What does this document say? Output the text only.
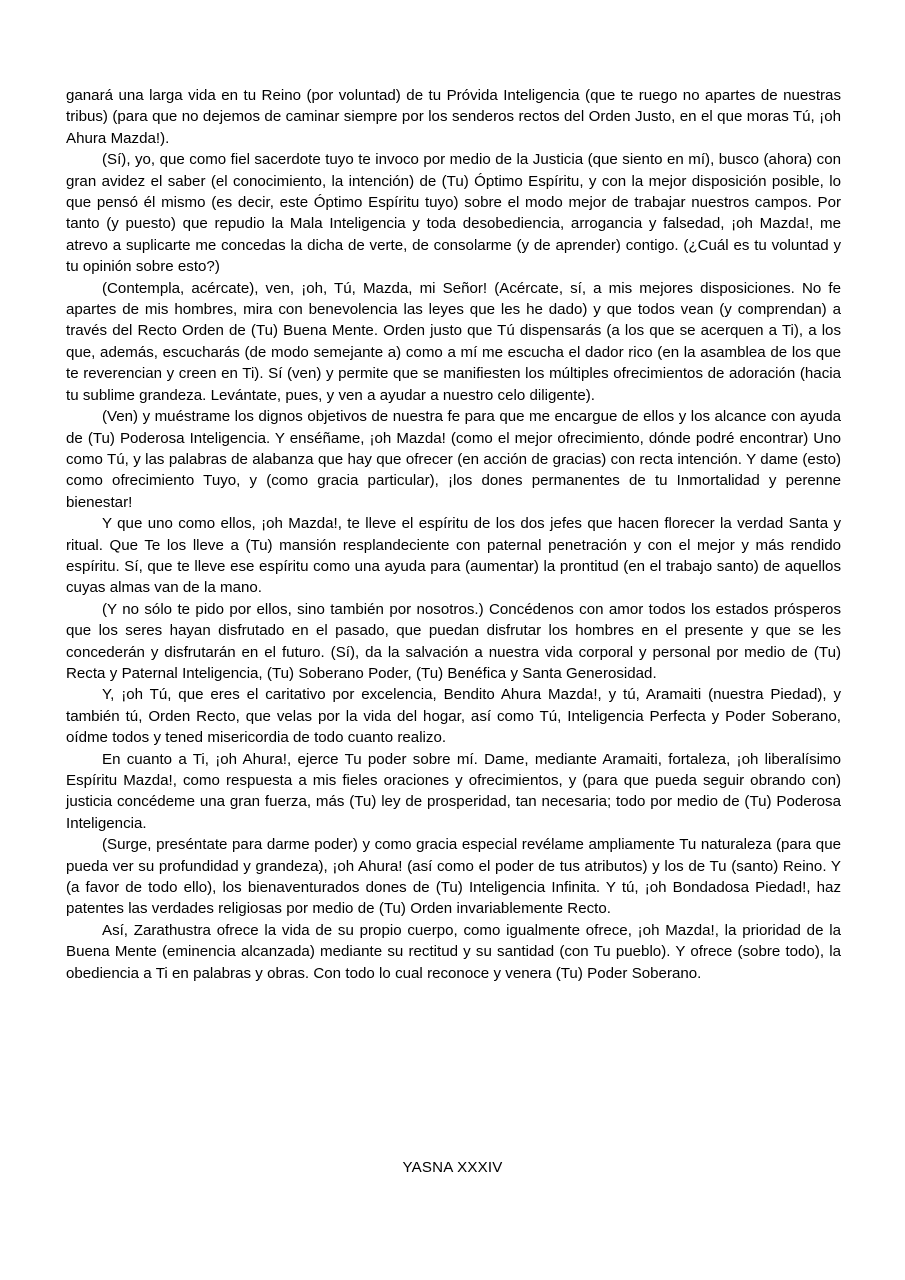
ganará una larga vida en tu Reino (por voluntad) de tu Próvida Inteligencia (que te ruego no apartes de nuestras tribus) (para que no dejemos de caminar siempre por los senderos rectos del Orden Justo, en el que moras Tú, ¡oh Ahura Mazda!).

(Sí), yo, que como fiel sacerdote tuyo te invoco por medio de la Justicia (que siento en mí), busco (ahora) con gran avidez el saber (el conocimiento, la intención) de (Tu) Óptimo Espíritu, y con la mejor disposición posible, lo que pensó él mismo (es decir, este Óptimo Espíritu tuyo) sobre el modo mejor de trabajar nuestros campos. Por tanto (y puesto) que repudio la Mala Inteligencia y toda desobediencia, arrogancia y falsedad, ¡oh Mazda!, me atrevo a suplicarte me concedas la dicha de verte, de consolarme (y de aprender) contigo. (¿Cuál es tu voluntad y tu opinión sobre esto?)

(Contempla, acércate), ven, ¡oh, Tú, Mazda, mi Señor! (Acércate, sí, a mis mejores disposiciones. No fe apartes de mis hombres, mira con benevolencia las leyes que les he dado) y que todos vean (y comprendan) a través del Recto Orden de (Tu) Buena Mente. Orden justo que Tú dispensarás (a los que se acerquen a Ti), a los que, además, escucharás (de modo semejante a) como a mí me escucha el dador rico (en la asamblea de los que te reverencian y creen en Ti). Sí (ven) y permite que se manifiesten los múltiples ofrecimientos de adoración (hacia tu sublime grandeza. Levántate, pues, y ven a ayudar a nuestro celo diligente).

(Ven) y muéstrame los dignos objetivos de nuestra fe para que me encargue de ellos y los alcance con ayuda de (Tu) Poderosa Inteligencia. Y enséñame, ¡oh Mazda! (como el mejor ofrecimiento, dónde podré encontrar) Uno como Tú, y las palabras de alabanza que hay que ofrecer (en acción de gracias) con recta intención. Y dame (esto) como ofrecimiento Tuyo, y (como gracia particular), ¡los dones permanentes de tu Inmortalidad y perenne bienestar!

Y que uno como ellos, ¡oh Mazda!, te lleve el espíritu de los dos jefes que hacen florecer la verdad Santa y ritual. Que Te los lleve a (Tu) mansión resplandeciente con paternal penetración y con el mejor y más rendido espíritu. Sí, que te lleve ese espíritu como una ayuda para (aumentar) la prontitud (en el trabajo santo) de aquellos cuyas almas van de la mano.

(Y no sólo te pido por ellos, sino también por nosotros.) Concédenos con amor todos los estados prósperos que los seres hayan disfrutado en el pasado, que puedan disfrutar los hombres en el presente y que se les concederán y disfrutarán en el futuro. (Sí), da la salvación a nuestra vida corporal y personal por medio de (Tu) Recta y Paternal Inteligencia, (Tu) Soberano Poder, (Tu) Benéfica y Santa Generosidad.

Y, ¡oh Tú, que eres el caritativo por excelencia, Bendito Ahura Mazda!, y tú, Aramaiti (nuestra Piedad), y también tú, Orden Recto, que velas por la vida del hogar, así como Tú, Inteligencia Perfecta y Poder Soberano, oídme todos y tened misericordia de todo cuanto realizo.

En cuanto a Ti, ¡oh Ahura!, ejerce Tu poder sobre mí. Dame, mediante Aramaiti, fortaleza, ¡oh liberalísimo Espíritu Mazda!, como respuesta a mis fieles oraciones y ofrecimientos, y (para que pueda seguir obrando con) justicia concédeme una gran fuerza, más (Tu) ley de prosperidad, tan necesaria; todo por medio de (Tu) Poderosa Inteligencia.

(Surge, preséntate para darme poder) y como gracia especial revélame ampliamente Tu naturaleza (para que pueda ver su profundidad y grandeza), ¡oh Ahura! (así como el poder de tus atributos) y los de Tu (santo) Reino. Y (a favor de todo ello), los bienaventurados dones de (Tu) Inteligencia Infinita. Y tú, ¡oh Bondadosa Piedad!, haz patentes las verdades religiosas por medio de (Tu) Orden invariablemente Recto.

Así, Zarathustra ofrece la vida de su propio cuerpo, como igualmente ofrece, ¡oh Mazda!, la prioridad de la Buena Mente (eminencia alcanzada) mediante su rectitud y su santidad (con Tu pueblo). Y ofrece (sobre todo), la obediencia a Ti en palabras y obras. Con todo lo cual reconoce y venera (Tu) Poder Soberano.

YASNA XXXIV
